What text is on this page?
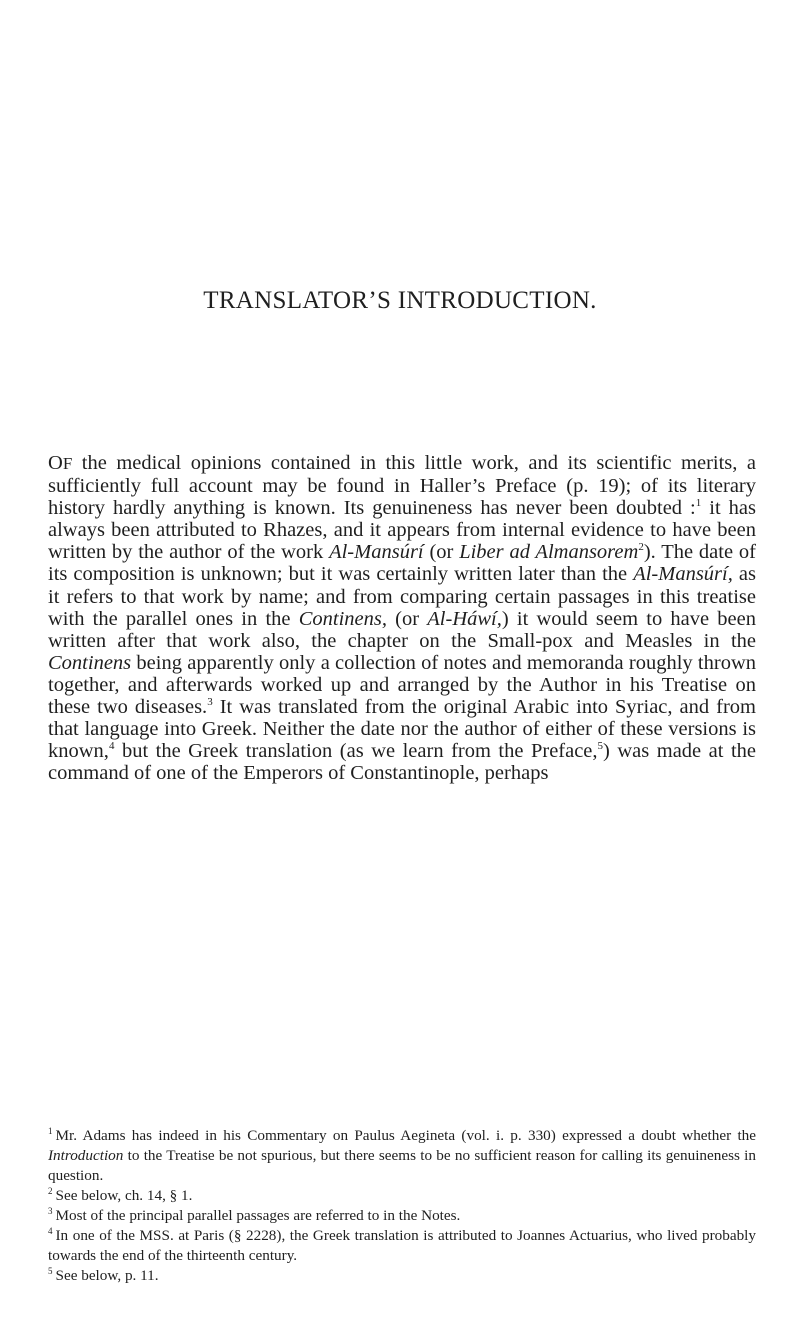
TRANSLATOR’S INTRODUCTION.

OF the medical opinions contained in this little work, and its scientific merits, a sufficiently full account may be found in Haller’s Preface (p. 19); of its literary history hardly anything is known. Its genuineness has never been doubted :$^1$ it has always been attributed to Rhazes, and it appears from internal evidence to have been written by the author of the work Al-Mansúrí (or Liber ad Almansorem$^2$). The date of its composition is unknown; but it was certainly written later than the Al-Mansúrí, as it refers to that work by name; and from comparing certain passages in this treatise with the parallel ones in the Continens, (or Al-Háwí,) it would seem to have been written after that work also, the chapter on the Small-pox and Measles in the Continens being apparently only a collection of notes and memoranda roughly thrown together, and afterwards worked up and arranged by the Author in his Treatise on these two diseases.$^3$ It was translated from the original Arabic into Syriac, and from that language into Greek. Neither the date nor the author of either of these versions is known,$^4$ but the Greek translation (as we learn from the Preface,$^5$) was made at the command of one of the Emperors of Constantinople, perhaps

$^1$ Mr. Adams has indeed in his Commentary on Paulus Aegineta (vol. i. p. 330) expressed a doubt whether the Introduction to the Treatise be not spurious, but there seems to be no sufficient reason for calling its genuineness in question.

$^2$ See below, ch. 14, § 1.

$^3$ Most of the principal parallel passages are referred to in the Notes.

$^4$ In one of the MSS. at Paris (§ 2228), the Greek translation is attributed to Joannes Actuarius, who lived probably towards the end of the thirteenth century.

$^5$ See below, p. 11.
